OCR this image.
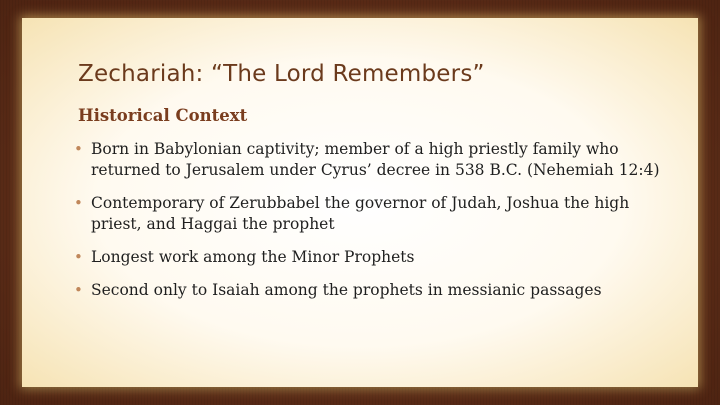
Zechariah: “The Lord Remembers”
Historical Context
• Born in Babylonian captivity; member of a high priestly family who returned to Jerusalem under Cyrus’ decree in 538 B.C. (Nehemiah 12:4)
• Contemporary of Zerubbabel the governor of Judah, Joshua the high priest, and Haggai the prophet
• Longest work among the Minor Prophets
• Second only to Isaiah among the prophets in messianic passages
